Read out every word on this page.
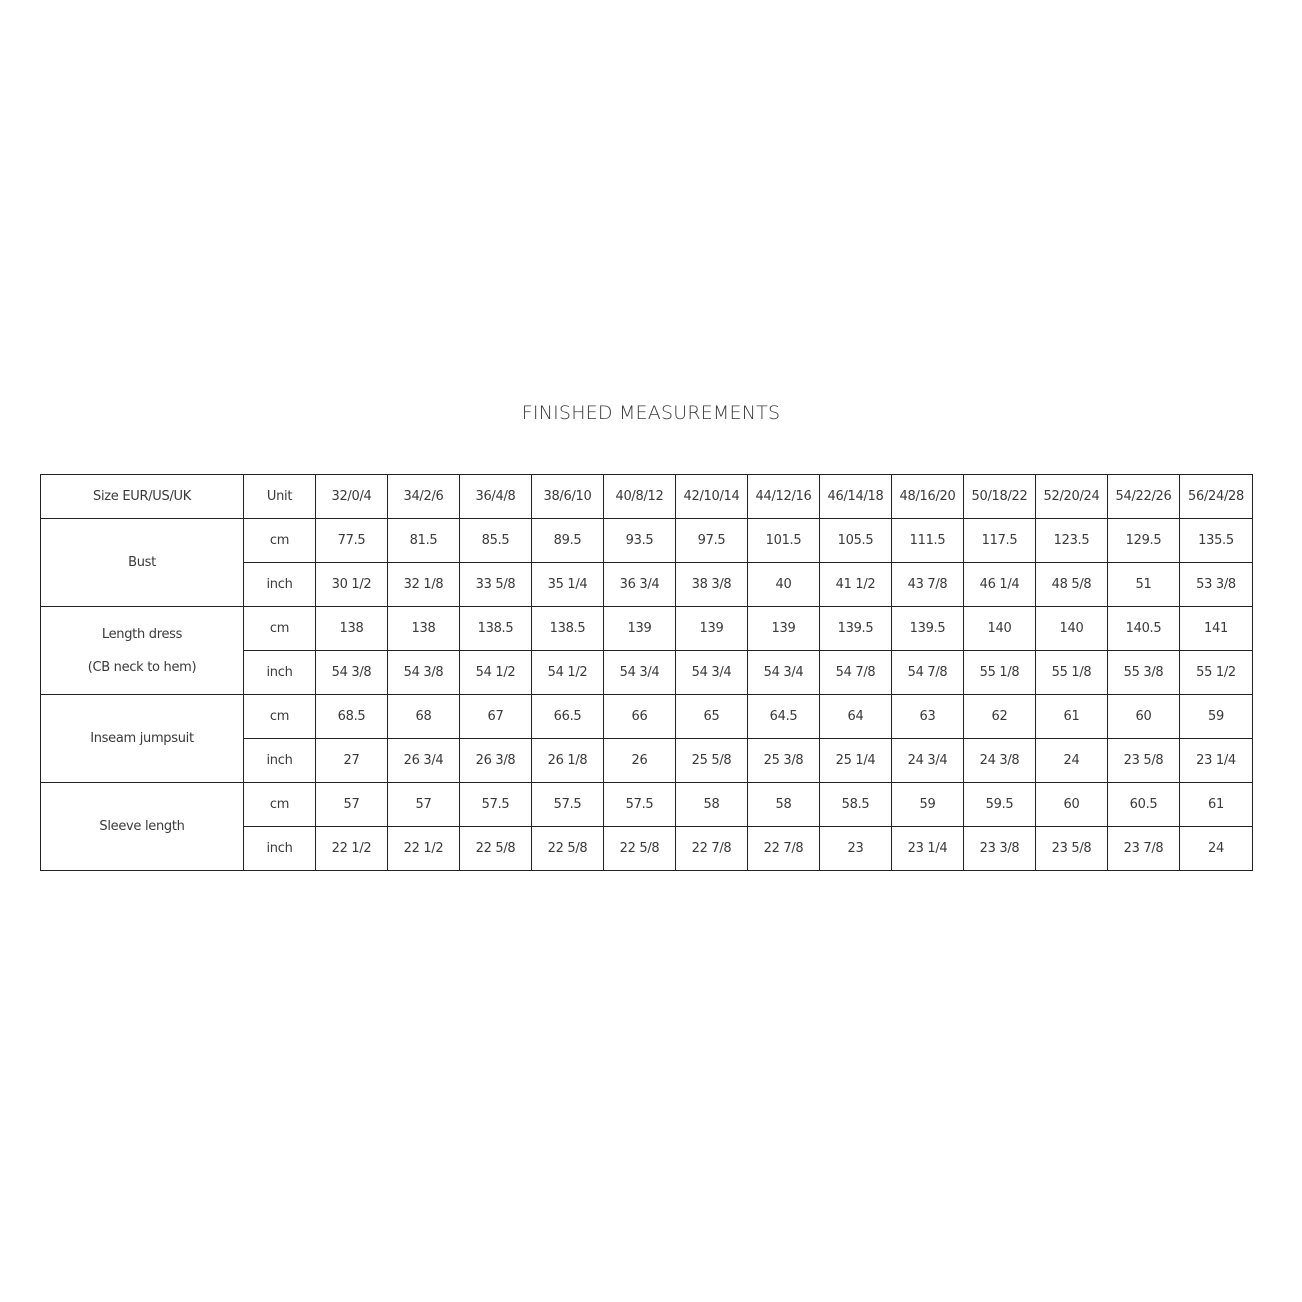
FINISHED MEASUREMENTS
Size EUR/US/UK	Unit	32/0/4	34/2/6	36/4/8	38/6/10	40/8/12	42/10/14	44/12/16	46/14/18	48/16/20	50/18/22	52/20/24	54/22/26	56/24/28

Bust	cm	77.5	81.5	85.5	89.5	93.5	97.5	101.5	105.5	111.5	117.5	123.5	129.5	135.5
	inch	30 1/2	32 1/8	33 5/8	35 1/4	36 3/4	38 3/8	40	41 1/2	43 7/8	46 1/4	48 5/8	51	53 3/8

Length dress
(CB neck to hem)	cm	138	138	138.5	138.5	139	139	139	139.5	139.5	140	140	140.5	141
	inch	54 3/8	54 3/8	54 1/2	54 1/2	54 3/4	54 3/4	54 3/4	54 7/8	54 7/8	55 1/8	55 1/8	55 3/8	55 1/2

Inseam jumpsuit	cm	68.5	68	67	66.5	66	65	64.5	64	63	62	61	60	59
	inch	27	26 3/4	26 3/8	26 1/8	26	25 5/8	25 3/8	25 1/4	24 3/4	24 3/8	24	23 5/8	23 1/4

Sleeve length	cm	57	57	57.5	57.5	57.5	58	58	58.5	59	59.5	60	60.5	61
	inch	22 1/2	22 1/2	22 5/8	22 5/8	22 5/8	22 7/8	22 7/8	23	23 1/4	23 3/8	23 5/8	23 7/8	24
